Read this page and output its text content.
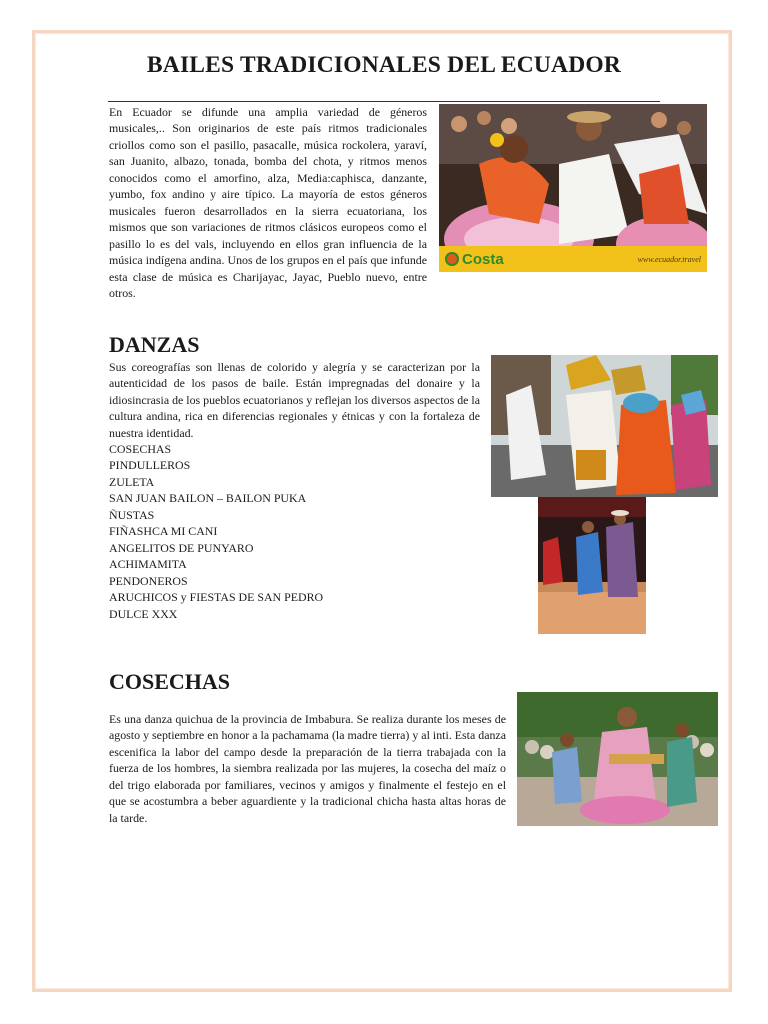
BAILES TRADICIONALES DEL ECUADOR

En Ecuador se difunde una amplia variedad de géneros musicales,.. Son originarios de este país ritmos tradicionales criollos como son el pasillo, pasacalle, música rockolera, yaraví, san Juanito, albazo, tonada, bomba del chota, y ritmos menos conocidos como el amorfino, alza, Media:caphisca, danzante, yumbo, fox andino y aire típico. La mayoría de estos géneros musicales fueron desarrollados en la sierra ecuatoriana, los mismos que son variaciones de ritmos clásicos europeos como el pasillo lo es del vals, incluyendo en ellos gran influencia de la música indígena andina. Unos de los grupos en el país que infunde esta clase de música es Charijayac, Jayac, Pueblo nuevo, entre otros.

Costa	www.ecuador.travel
DANZAS

Sus coreografías son llenas de colorido y alegría y se caracterizan por la autenticidad de los pasos de baile. Están impregnadas del donaire y la idiosincrasia de los pueblos ecuatorianos y reflejan los diversos aspectos de la cultura andina, rica en diferencias regionales y étnicas y con la fortaleza de nuestra identidad.

COSECHAS
PINDULLEROS
ZULETA
SAN JUAN BAILON – BAILON PUKA
ÑUSTAS
FIÑASHCA MI CANI
ANGELITOS DE PUNYARO
ACHIMAMITA
PENDONEROS
ARUCHICOS y FIESTAS DE SAN PEDRO
DULCE XXX
COSECHAS

Es una danza quichua de la provincia de Imbabura. Se realiza durante los meses de agosto y septiembre en honor a la pachamama (la madre tierra) y al inti. Esta danza escenifica la labor del campo desde la preparación de la tierra trabajada con la fuerza de los hombres, la siembra realizada por las mujeres, la cosecha del maíz o del trigo elaborada por familiares, vecinos y amigos y finalmente el festejo en el que se acostumbra a beber aguardiente y la tradicional chicha hasta altas horas de la tarde.
